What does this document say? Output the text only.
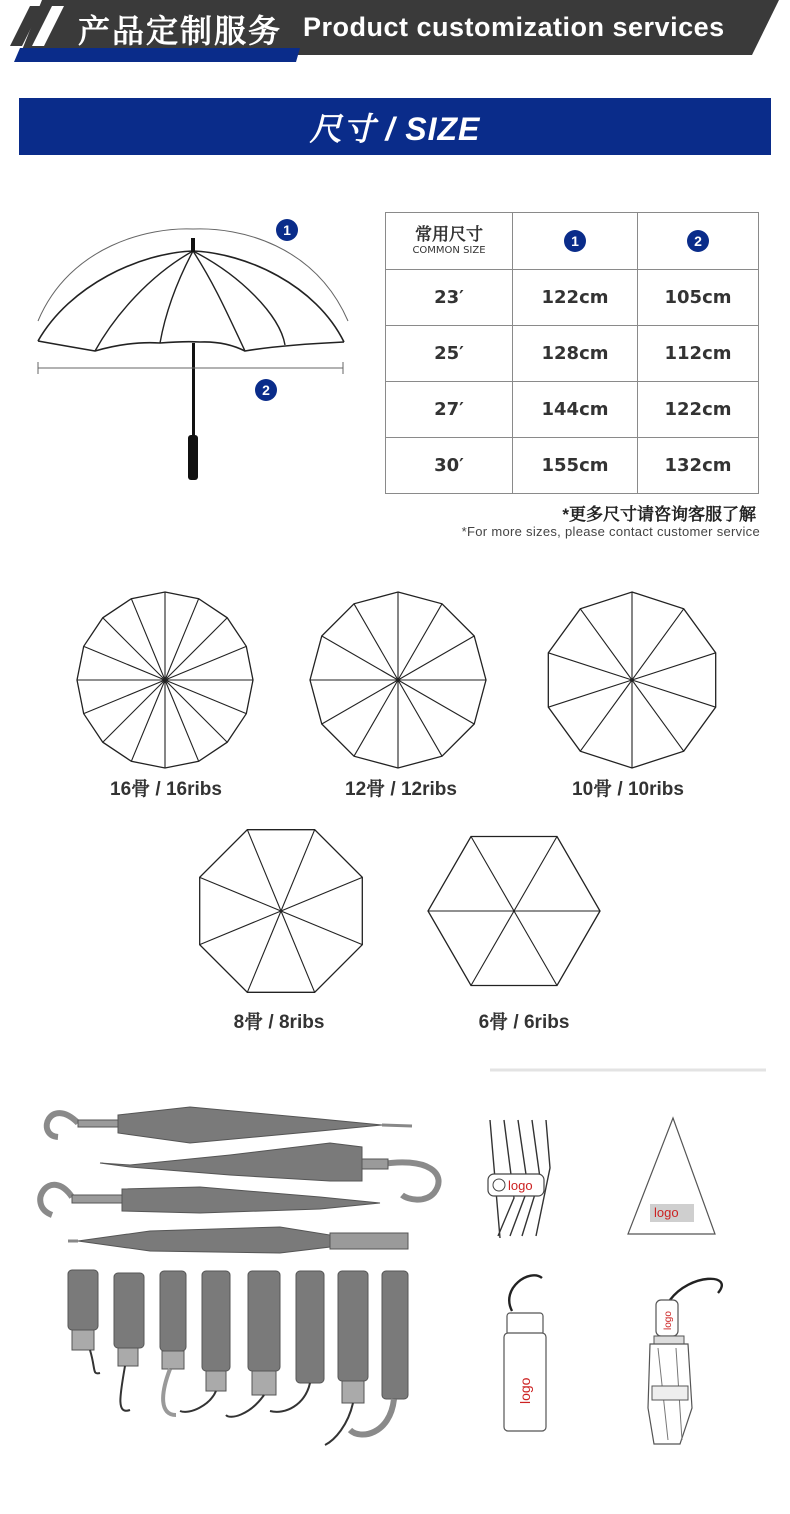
产品定制服务 Product customization services
尺寸 / SIZE
1
2
常用尺寸
COMMON SIZE	1	2
23′	122cm	105cm
25′	128cm	112cm
27′	144cm	122cm
30′	155cm	132cm
*更多尺寸请咨询客服了解
*For more sizes, please contact customer service
16骨 / 16ribs	12骨 / 12ribs	10骨 / 10ribs
8骨 / 8ribs	6骨 / 6ribs
logo
logo
logo
logo
